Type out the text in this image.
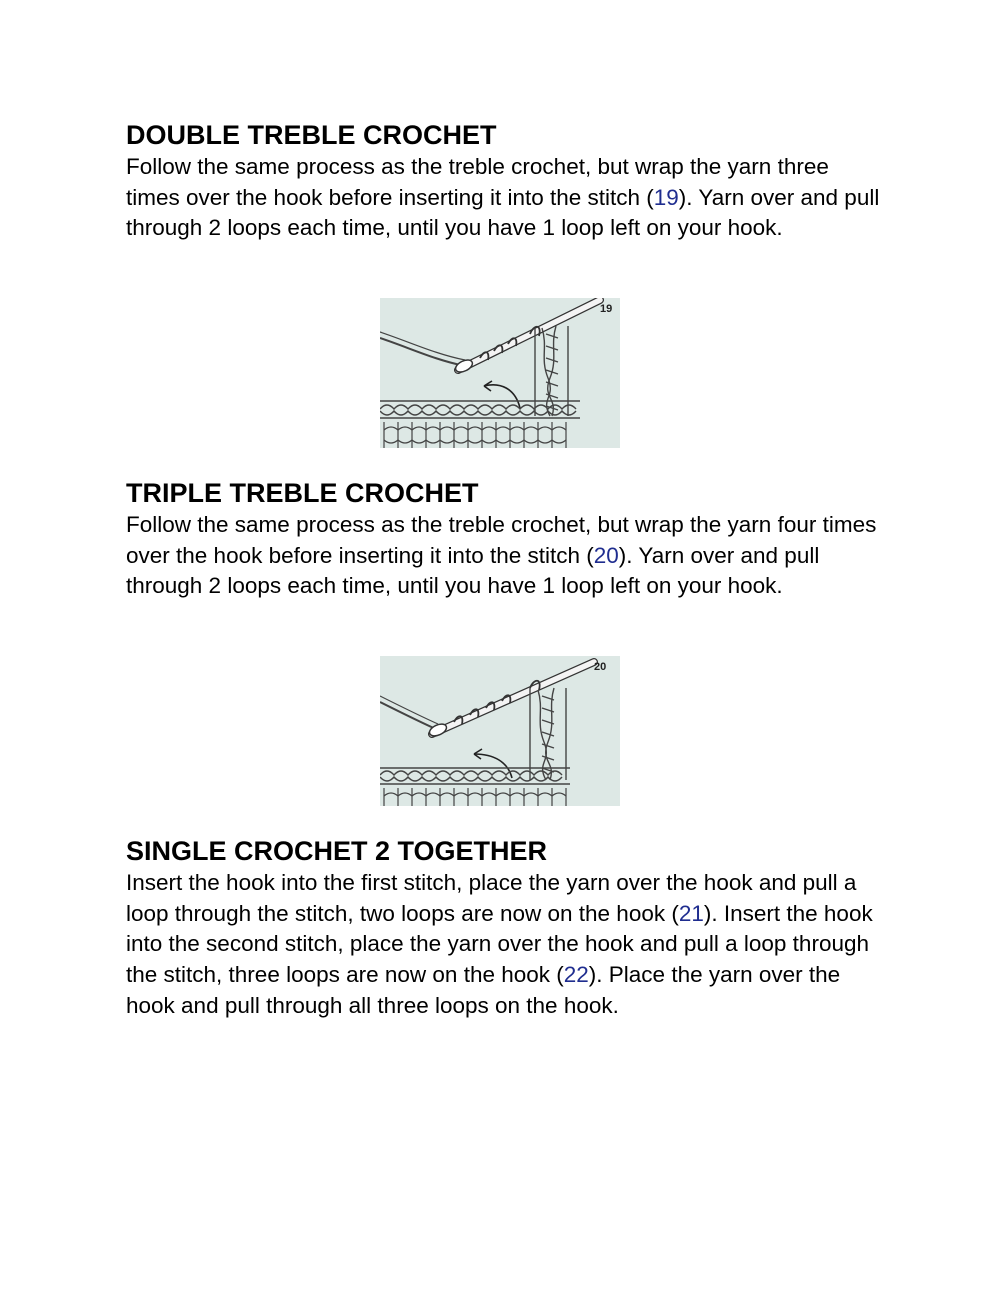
DOUBLE TREBLE CROCHET

Follow the same process as the treble crochet, but wrap the yarn three times over the hook before inserting it into the stitch (19). Yarn over and pull through 2 loops each time, until you have 1 loop left on your hook.

19
TRIPLE TREBLE CROCHET

Follow the same process as the treble crochet, but wrap the yarn four times over the hook before inserting it into the stitch (20). Yarn over and pull through 2 loops each time, until you have 1 loop left on your hook.

20
SINGLE CROCHET 2 TOGETHER

Insert the hook into the first stitch, place the yarn over the hook and pull a loop through the stitch, two loops are now on the hook (21). Insert the hook into the second stitch, place the yarn over the hook and pull a loop through the stitch, three loops are now on the hook (22). Place the yarn over the hook and pull through all three loops on the hook.
